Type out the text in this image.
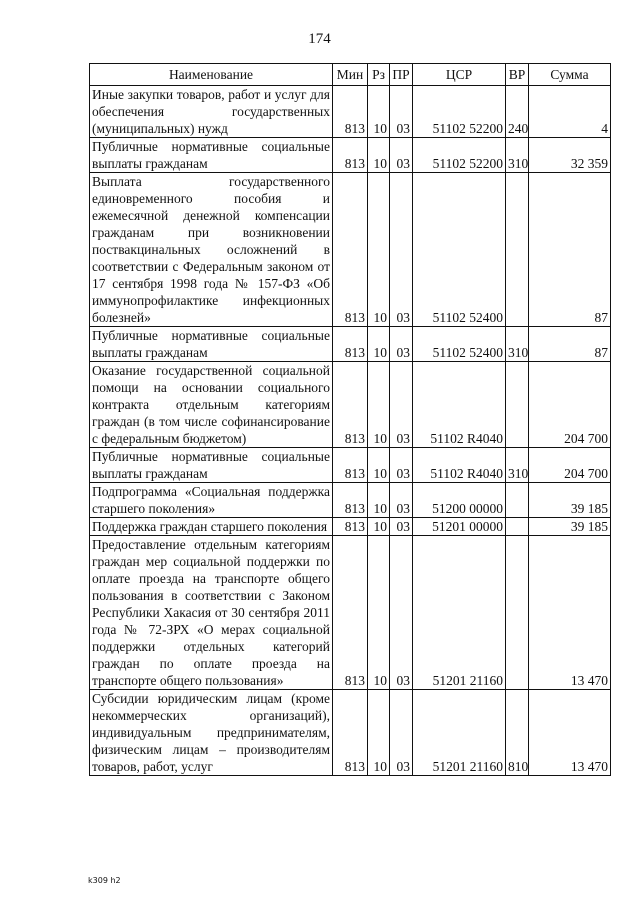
174
Наименование	Мин	Рз	ПР	ЦСР	ВР	Сумма
Иные закупки товаров, работ и услуг для обеспечения государственных (муниципальных) нужд	813	10	03	51102 52200	240	4
Публичные нормативные социальные выплаты гражданам	813	10	03	51102 52200	310	32 359
Выплата государственного единовременного пособия и ежемесячной денежной компенсации гражданам при возникновении поствакцинальных осложнений в соответствии с Федеральным законом от 17 сентября 1998 года № 157-ФЗ «Об иммунопрофилактике инфекционных болезней»	813	10	03	51102 52400		87
Публичные нормативные социальные выплаты гражданам	813	10	03	51102 52400	310	87
Оказание государственной социальной помощи на основании социального контракта отдельным категориям граждан (в том числе софинансирование с федеральным бюджетом)	813	10	03	51102 R4040		204 700
Публичные нормативные социальные выплаты гражданам	813	10	03	51102 R4040	310	204 700
Подпрограмма «Социальная поддержка старшего поколения»	813	10	03	51200 00000		39 185
Поддержка граждан старшего поколения	813	10	03	51201 00000		39 185
Предоставление отдельным категориям граждан мер социальной поддержки по оплате проезда на транспорте общего пользования в соответствии с Законом Республики Хакасия от 30 сентября 2011 года № 72-ЗРХ «О мерах социальной поддержки отдельных категорий граждан по оплате проезда на транспорте общего пользования»	813	10	03	51201 21160		13 470
Субсидии юридическим лицам (кроме некоммерческих организаций), индивидуальным предпринимателям, физическим лицам – производителям товаров, работ, услуг	813	10	03	51201 21160	810	13 470
k309 h2
